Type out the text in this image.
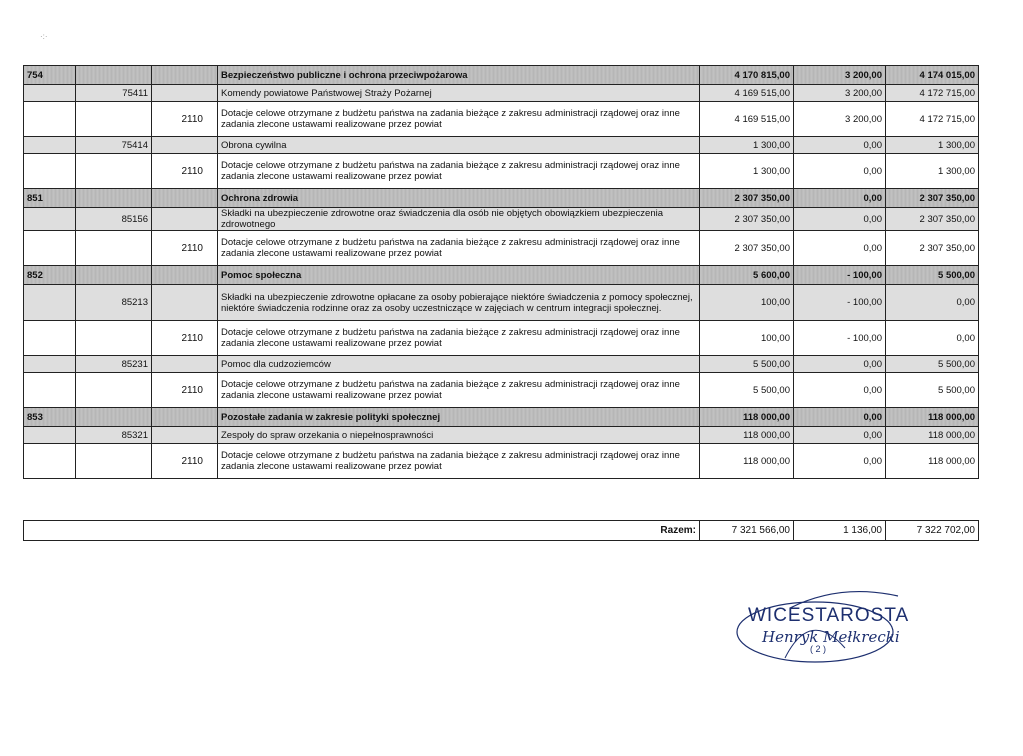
·:·
754			Bezpieczeństwo publiczne i ochrona przeciwpożarowa	4 170 815,00	3 200,00	4 174 015,00
	75411		Komendy powiatowe Państwowej Straży Pożarnej	4 169 515,00	3 200,00	4 172 715,00
		2110	Dotacje celowe otrzymane z budżetu państwa na zadania bieżące z zakresu administracji rządowej oraz inne zadania zlecone ustawami realizowane przez powiat	4 169 515,00	3 200,00	4 172 715,00
	75414		Obrona cywilna	1 300,00	0,00	1 300,00
		2110	Dotacje celowe otrzymane z budżetu państwa na zadania bieżące z zakresu administracji rządowej oraz inne zadania zlecone ustawami realizowane przez powiat	1 300,00	0,00	1 300,00
851			Ochrona zdrowia	2 307 350,00	0,00	2 307 350,00
	85156		Składki na ubezpieczenie zdrowotne oraz świadczenia dla osób nie objętych obowiązkiem ubezpieczenia zdrowotnego	2 307 350,00	0,00	2 307 350,00
		2110	Dotacje celowe otrzymane z budżetu państwa na zadania bieżące z zakresu administracji rządowej oraz inne zadania zlecone ustawami realizowane przez powiat	2 307 350,00	0,00	2 307 350,00
852			Pomoc społeczna	5 600,00	- 100,00	5 500,00
	85213		Składki na ubezpieczenie zdrowotne opłacane za osoby pobierające niektóre świadczenia z pomocy społecznej, niektóre świadczenia rodzinne oraz za osoby uczestniczące w zajęciach w centrum integracji społecznej.	100,00	- 100,00	0,00
		2110	Dotacje celowe otrzymane z budżetu państwa na zadania bieżące z zakresu administracji rządowej oraz inne zadania zlecone ustawami realizowane przez powiat	100,00	- 100,00	0,00
	85231		Pomoc dla cudzoziemców	5 500,00	0,00	5 500,00
		2110	Dotacje celowe otrzymane z budżetu państwa na zadania bieżące z zakresu administracji rządowej oraz inne zadania zlecone ustawami realizowane przez powiat	5 500,00	0,00	5 500,00
853			Pozostałe zadania w zakresie polityki społecznej	118 000,00	0,00	118 000,00
	85321		Zespoły do spraw orzekania o niepełnosprawności	118 000,00	0,00	118 000,00
		2110	Dotacje celowe otrzymane z budżetu państwa na zadania bieżące z zakresu administracji rządowej oraz inne zadania zlecone ustawami realizowane przez powiat	118 000,00	0,00	118 000,00
Razem:	7 321 566,00	1 136,00	7 322 702,00
WICESTAROSTA
Henryk Mełkrecki
( 2 )
